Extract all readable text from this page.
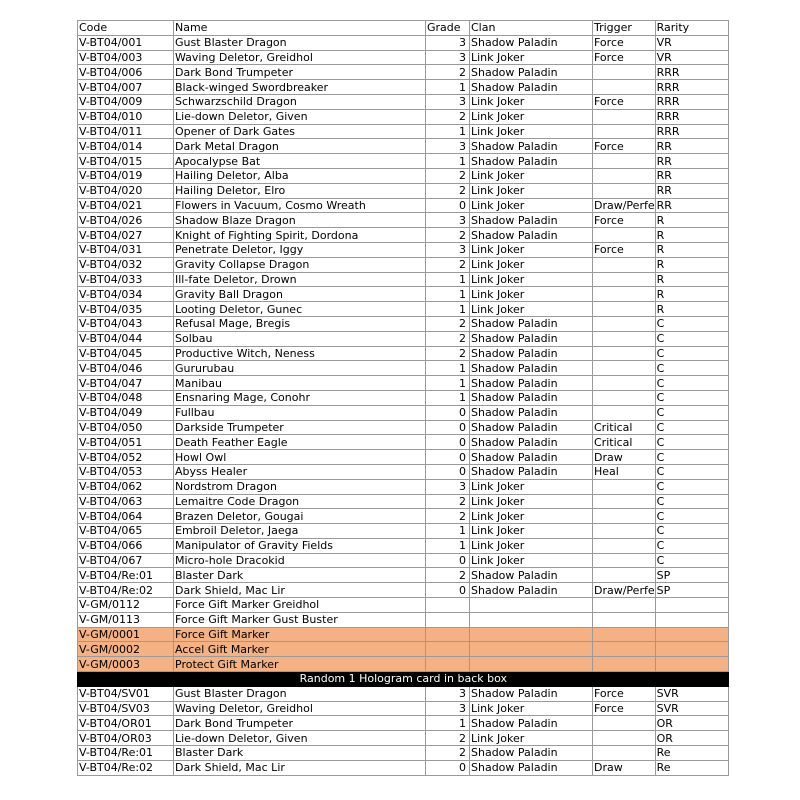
Code	Name	Grade	Clan	Trigger	Rarity
V-BT04/001	Gust Blaster Dragon	3	Shadow Paladin	Force	VR
V-BT04/003	Waving Deletor, Greidhol	3	Link Joker	Force	VR
V-BT04/006	Dark Bond Trumpeter	2	Shadow Paladin		RRR
V-BT04/007	Black-winged Swordbreaker	1	Shadow Paladin		RRR
V-BT04/009	Schwarzschild Dragon	3	Link Joker	Force	RRR
V-BT04/010	Lie-down Deletor, Given	2	Link Joker		RRR
V-BT04/011	Opener of Dark Gates	1	Link Joker		RRR
V-BT04/014	Dark Metal Dragon	3	Shadow Paladin	Force	RR
V-BT04/015	Apocalypse Bat	1	Shadow Paladin		RR
V-BT04/019	Hailing Deletor, Alba	2	Link Joker		RR
V-BT04/020	Hailing Deletor, Elro	2	Link Joker		RR
V-BT04/021	Flowers in Vacuum, Cosmo Wreath	0	Link Joker	Draw/Perfe	RR
V-BT04/026	Shadow Blaze Dragon	3	Shadow Paladin	Force	R
V-BT04/027	Knight of Fighting Spirit, Dordona	2	Shadow Paladin		R
V-BT04/031	Penetrate Deletor, Iggy	3	Link Joker	Force	R
V-BT04/032	Gravity Collapse Dragon	2	Link Joker		R
V-BT04/033	Ill-fate Deletor, Drown	1	Link Joker		R
V-BT04/034	Gravity Ball Dragon	1	Link Joker		R
V-BT04/035	Looting Deletor, Gunec	1	Link Joker		R
V-BT04/043	Refusal Mage, Bregis	2	Shadow Paladin		C
V-BT04/044	Solbau	2	Shadow Paladin		C
V-BT04/045	Productive Witch, Neness	2	Shadow Paladin		C
V-BT04/046	Gururubau	1	Shadow Paladin		C
V-BT04/047	Manibau	1	Shadow Paladin		C
V-BT04/048	Ensnaring Mage, Conohr	1	Shadow Paladin		C
V-BT04/049	Fullbau	0	Shadow Paladin		C
V-BT04/050	Darkside Trumpeter	0	Shadow Paladin	Critical	C
V-BT04/051	Death Feather Eagle	0	Shadow Paladin	Critical	C
V-BT04/052	Howl Owl	0	Shadow Paladin	Draw	C
V-BT04/053	Abyss Healer	0	Shadow Paladin	Heal	C
V-BT04/062	Nordstrom Dragon	3	Link Joker		C
V-BT04/063	Lemaitre Code Dragon	2	Link Joker		C
V-BT04/064	Brazen Deletor, Gougai	2	Link Joker		C
V-BT04/065	Embroil Deletor, Jaega	1	Link Joker		C
V-BT04/066	Manipulator of Gravity Fields	1	Link Joker		C
V-BT04/067	Micro-hole Dracokid	0	Link Joker		C
V-BT04/Re:01	Blaster Dark	2	Shadow Paladin		SP
V-BT04/Re:02	Dark Shield, Mac Lir	0	Shadow Paladin	Draw/Perfe	SP
V-GM/0112	Force Gift Marker Greidhol				
V-GM/0113	Force Gift Marker Gust Buster				
V-GM/0001	Force Gift Marker				
V-GM/0002	Accel Gift Marker				
V-GM/0003	Protect Gift Marker				
Random 1 Hologram card in back box					
V-BT04/SV01	Gust Blaster Dragon	3	Shadow Paladin	Force	SVR
V-BT04/SV03	Waving Deletor, Greidhol	3	Link Joker	Force	SVR
V-BT04/OR01	Dark Bond Trumpeter	1	Shadow Paladin		OR
V-BT04/OR03	Lie-down Deletor, Given	2	Link Joker		OR
V-BT04/Re:01	Blaster Dark	2	Shadow Paladin		Re
V-BT04/Re:02	Dark Shield, Mac Lir	0	Shadow Paladin	Draw	Re
